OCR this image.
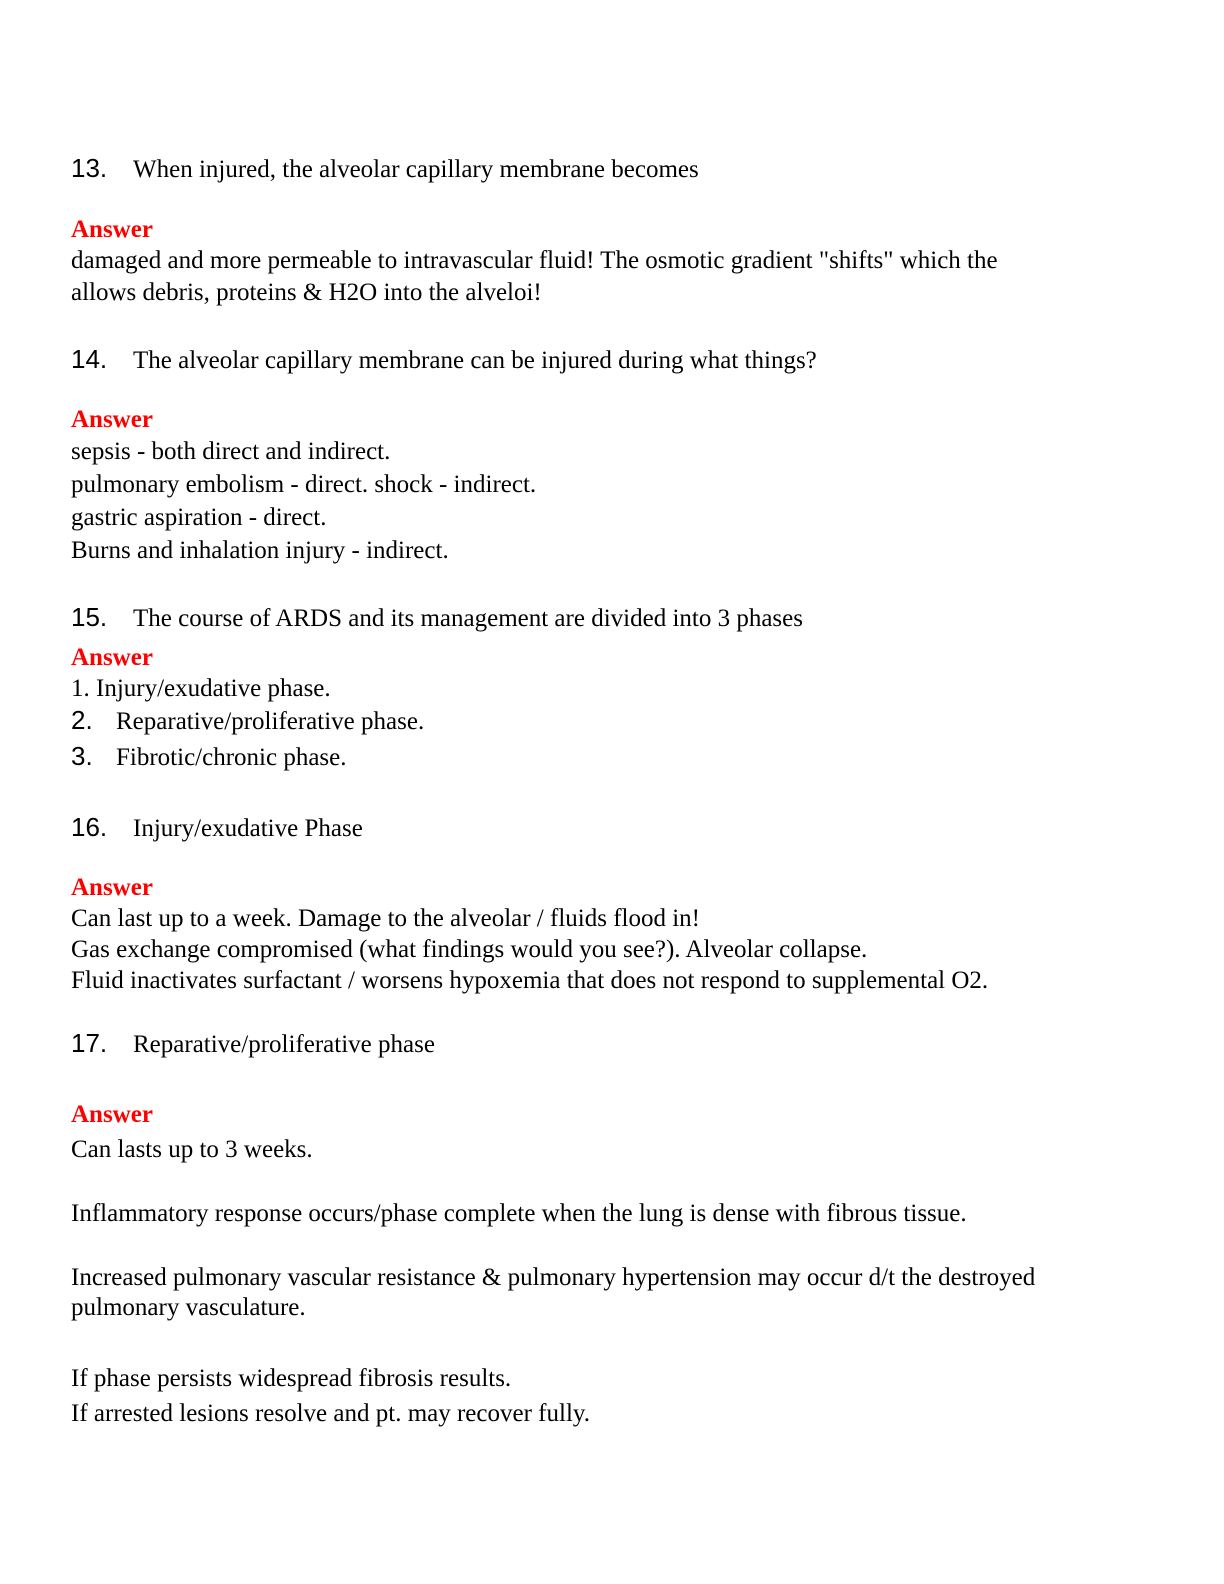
13. When injured, the alveolar capillary membrane becomes
Answer
damaged and more permeable to intravascular fluid! The osmotic gradient "shifts" which the
allows debris, proteins & H2O into the alveloi!
14. The alveolar capillary membrane can be injured during what things?
Answer
sepsis - both direct and indirect.
pulmonary embolism - direct. shock - indirect.
gastric aspiration - direct.
Burns and inhalation injury - indirect.
15. The course of ARDS and its management are divided into 3 phases
Answer
1. Injury/exudative phase.
2. Reparative/proliferative phase.
3. Fibrotic/chronic phase.
16. Injury/exudative Phase
Answer
Can last up to a week. Damage to the alveolar / fluids flood in!
Gas exchange compromised (what findings would you see?). Alveolar collapse.
Fluid inactivates surfactant / worsens hypoxemia that does not respond to supplemental O2.
17. Reparative/proliferative phase
Answer
Can lasts up to 3 weeks.
Inflammatory response occurs/phase complete when the lung is dense with fibrous tissue.
Increased pulmonary vascular resistance & pulmonary hypertension may occur d/t the destroyed
pulmonary vasculature.
If phase persists widespread fibrosis results.
If arrested lesions resolve and pt. may recover fully.
